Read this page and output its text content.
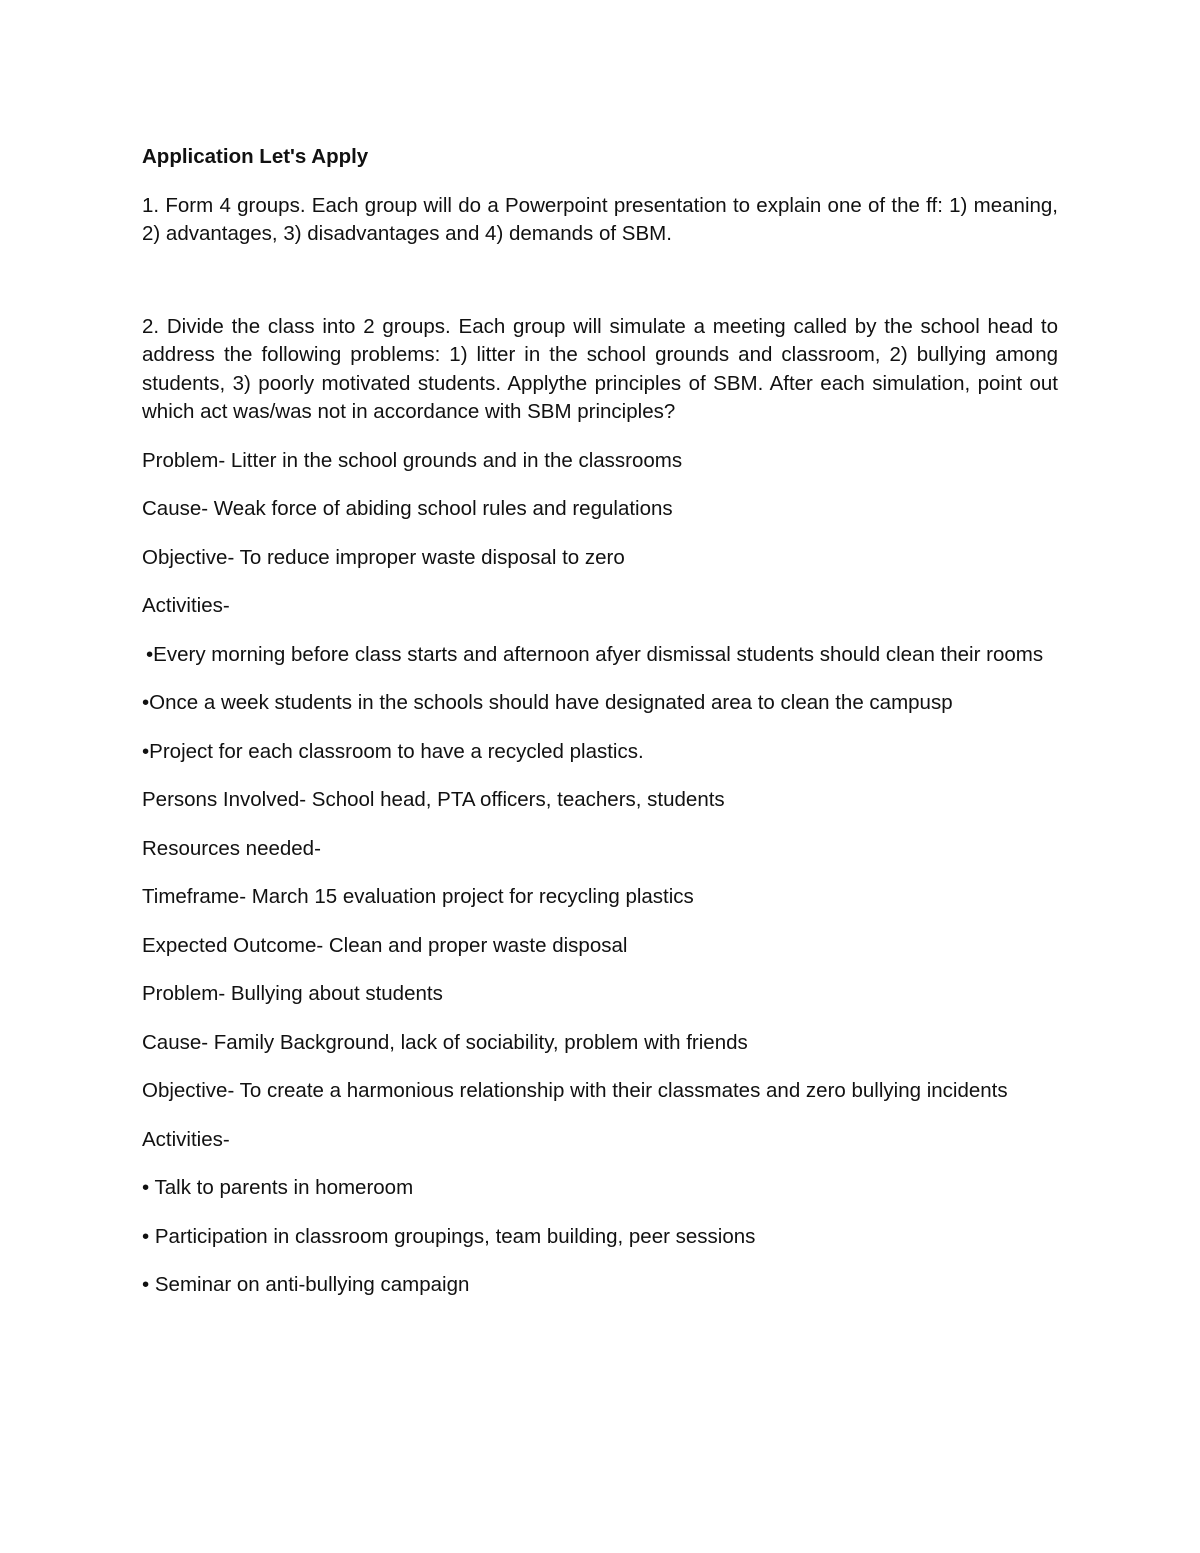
Application Let's Apply

1. Form 4 groups. Each group will do a Powerpoint presentation to explain one of the ff: 1) meaning, 2) advantages, 3) disadvantages and 4) demands of SBM.

2. Divide the class into 2 groups. Each group will simulate a meeting called by the school head to address the following problems: 1) litter in the school grounds and classroom, 2) bullying among students, 3) poorly motivated students. Applythe principles of SBM. After each simulation, point out which act was/was not in accordance with SBM principles?

Problem- Litter in the school grounds and in the classrooms

Cause- Weak force of abiding school rules and regulations

Objective- To reduce improper waste disposal to zero

Activities-

•Every morning before class starts and afternoon afyer dismissal students should clean their rooms

•Once a week students in the schools should have designated area to clean the campusp

•Project for each classroom to have a recycled plastics.

Persons Involved- School head, PTA officers, teachers, students

Resources needed-

Timeframe- March 15 evaluation project for recycling plastics

Expected Outcome- Clean and proper waste disposal

Problem- Bullying about students

Cause- Family Background, lack of sociability, problem with friends

Objective- To create a harmonious relationship with their classmates and zero bullying incidents

Activities-

• Talk to parents in homeroom

• Participation in classroom groupings, team building, peer sessions

• Seminar on anti-bullying campaign
